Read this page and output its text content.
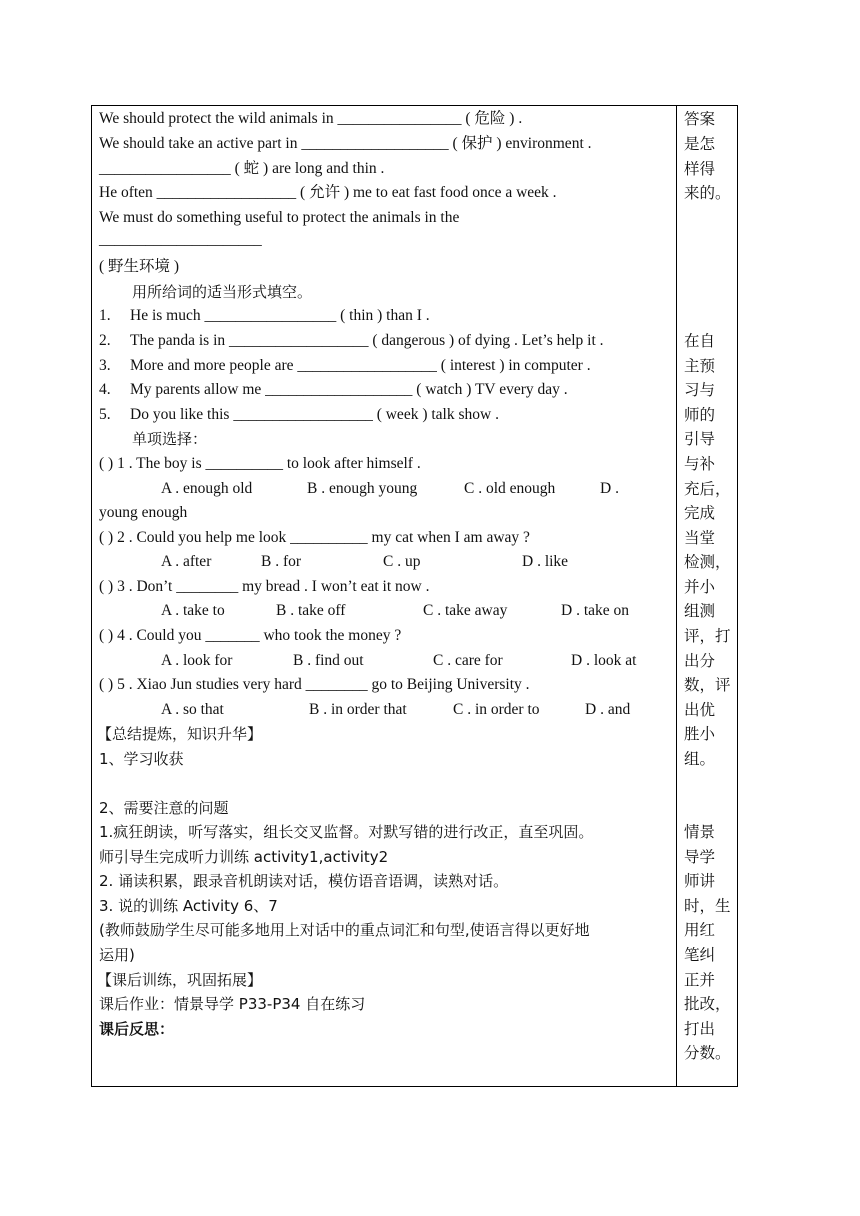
We should protect the wild animals in ________________ ( 危险 ) .
We should take an active part in ___________________ ( 保护 ) environment .
_________________ ( 蛇 ) are long and thin .
He often __________________ ( 允许 ) me to eat fast food once a week .
We must do something useful to protect the animals in the
_____________________
( 野生环境 )
用所给词的适当形式填空。
1. He is much _________________ ( thin ) than I .
2. The panda is in __________________ ( dangerous ) of dying . Let’s help it .
3. More and more people are __________________ ( interest ) in computer .
4. My parents allow me ___________________ ( watch ) TV every day .
5. Do you like this __________________ ( week ) talk show .
单项选择：
( ) 1 . The boy is __________ to look after himself .
A . enough old	B . enough young	C . old enough	D .
young enough
( ) 2 . Could you help me look __________ my cat when I am away ?
A . after	B . for	C . up	D . like
( ) 3 . Don’t ________ my bread . I won’t eat it now .
A . take to	B . take off	C . take away	D . take on
( ) 4 . Could you _______ who took the money ?
A . look for	B . find out	C . care for	D . look at
( ) 5 . Xiao Jun studies very hard ________ go to Beijing University .
A . so that	B . in order that	C . in order to	D . and
【总结提炼，知识升华】
1、学习收获
2、需要注意的问题
1.疯狂朗读，听写落实，组长交叉监督。对默写错的进行改正，直至巩固。
师引导生完成听力训练 activity1,activity2
2. 诵读积累，跟录音机朗读对话，模仿语音语调，读熟对话。
3. 说的训练 Activity 6、7
(教师鼓励学生尽可能多地用上对话中的重点词汇和句型,使语言得以更好地
运用)
【课后训练，巩固拓展】
课后作业：情景导学 P33-P34 自在练习
课后反思：
答案
是怎
样得
来的。
在自
主预
习与
师的
引导
与补
充后，
完成
当堂
检测，
并小
组测
评，打
出分
数，评
出优
胜小
组。
情景
导学
师讲
时，生
用红
笔纠
正并
批改，
打出
分数。
